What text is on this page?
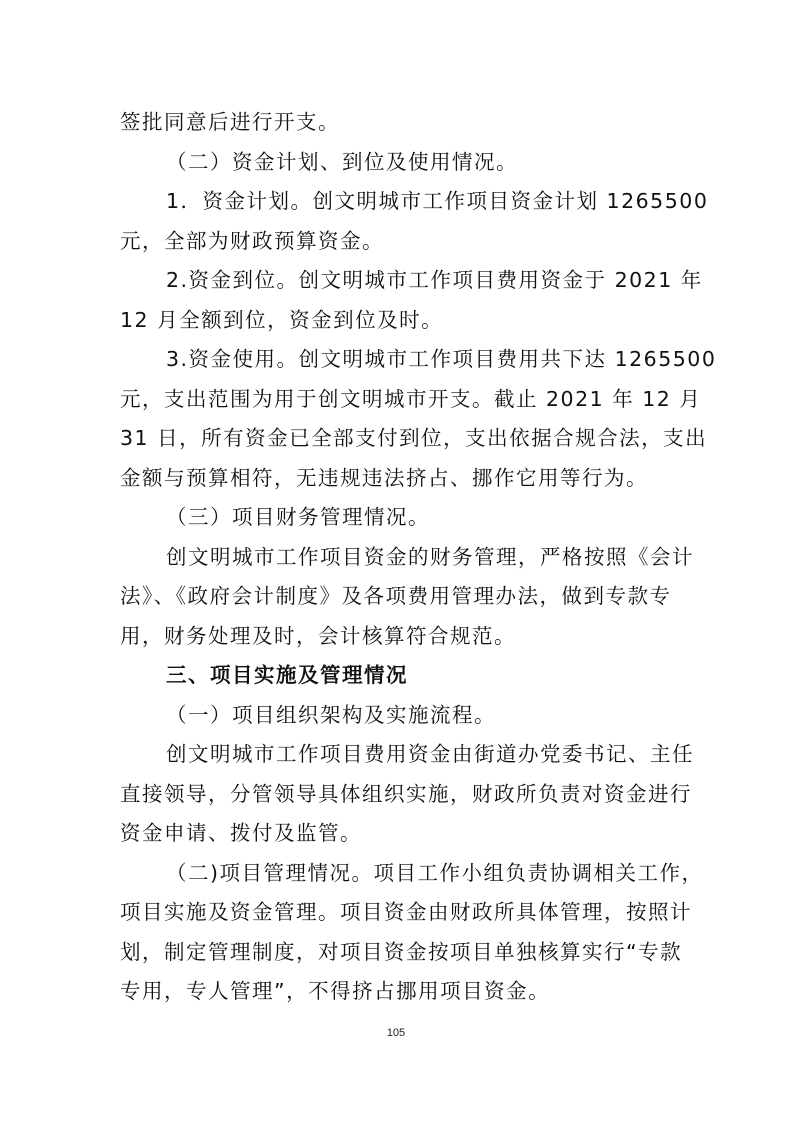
签批同意后进行开支。
（二）资金计划、到位及使用情况。
1．资金计划。创文明城市工作项目资金计划 1265500
元，全部为财政预算资金。
2.资金到位。创文明城市工作项目费用资金于 2021 年
12 月全额到位，资金到位及时。
3.资金使用。创文明城市工作项目费用共下达 1265500
元，支出范围为用于创文明城市开支。截止 2021 年 12 月
31 日，所有资金已全部支付到位，支出依据合规合法，支出
金额与预算相符，无违规违法挤占、挪作它用等行为。
（三）项目财务管理情况。
创文明城市工作项目资金的财务管理，严格按照《会计
法》、《政府会计制度》及各项费用管理办法，做到专款专
用，财务处理及时，会计核算符合规范。
三、项目实施及管理情况
（一）项目组织架构及实施流程。
创文明城市工作项目费用资金由街道办党委书记、主任
直接领导，分管领导具体组织实施，财政所负责对资金进行
资金申请、拨付及监管。
（二)项目管理情况。项目工作小组负责协调相关工作，
项目实施及资金管理。项目资金由财政所具体管理，按照计
划，制定管理制度，对项目资金按项目单独核算实行“专款
专用，专人管理”，不得挤占挪用项目资金。
105
